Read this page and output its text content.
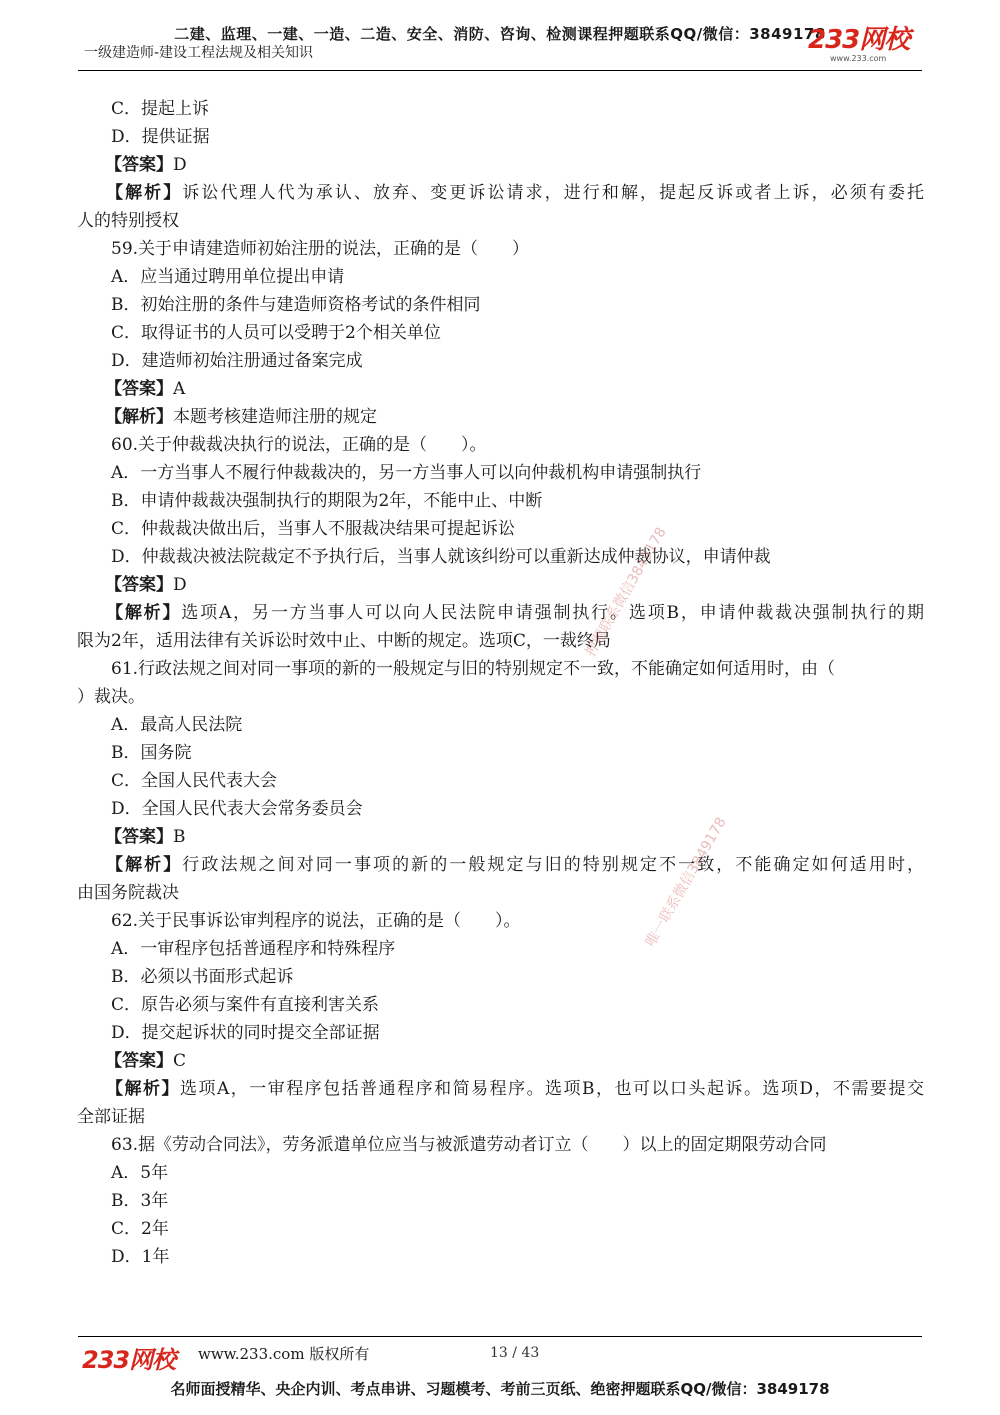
二建、监理、一建、一造、二造、安全、消防、咨询、检测课程押题联系QQ/微信：3849178
一级建造师-建设工程法规及相关知识	233网校
www.233.com
C．提起上诉
D．提供证据
【答案】D
【解析】诉讼代理人代为承认、放弃、变更诉讼请求，进行和解，提起反诉或者上诉，必须有委托
人的特别授权
59.关于申请建造师初始注册的说法，正确的是（　　）
A．应当通过聘用单位提出申请
B．初始注册的条件与建造师资格考试的条件相同
C．取得证书的人员可以受聘于2个相关单位
D．建造师初始注册通过备案完成
【答案】A
【解析】本题考核建造师注册的规定
60.关于仲裁裁决执行的说法，正确的是（　　）。
A．一方当事人不履行仲裁裁决的，另一方当事人可以向仲裁机构申请强制执行
B．申请仲裁裁决强制执行的期限为2年，不能中止、中断
C．仲裁裁决做出后，当事人不服裁决结果可提起诉讼
D．仲裁裁决被法院裁定不予执行后，当事人就该纠纷可以重新达成仲裁协议，申请仲裁
【答案】D
【解析】选项A，另一方当事人可以向人民法院申请强制执行。选项B，申请仲裁裁决强制执行的期
限为2年，适用法律有关诉讼时效中止、中断的规定。选项C，一裁终局
61.行政法规之间对同一事项的新的一般规定与旧的特别规定不一致，不能确定如何适用时，由（
）裁决。
A．最高人民法院
B．国务院
C．全国人民代表大会
D．全国人民代表大会常务委员会
【答案】B
【解析】行政法规之间对同一事项的新的一般规定与旧的特别规定不一致，不能确定如何适用时，
由国务院裁决
62.关于民事诉讼审判程序的说法，正确的是（　　）。
A．一审程序包括普通程序和特殊程序
B．必须以书面形式起诉
C．原告必须与案件有直接利害关系
D．提交起诉状的同时提交全部证据
【答案】C
【解析】选项A，一审程序包括普通程序和简易程序。选项B，也可以口头起诉。选项D，不需要提交
全部证据
63.据《劳动合同法》，劳务派遣单位应当与被派遣劳动者订立（　　）以上的固定期限劳动合同
A．5年
B．3年
C．2年
D．1年
押题联系微信3849178
唯一联系微信3849178
233网校 www.233.com 版权所有	13 / 43
名师面授精华、央企内训、考点串讲、习题模考、考前三页纸、绝密押题联系QQ/微信：3849178
